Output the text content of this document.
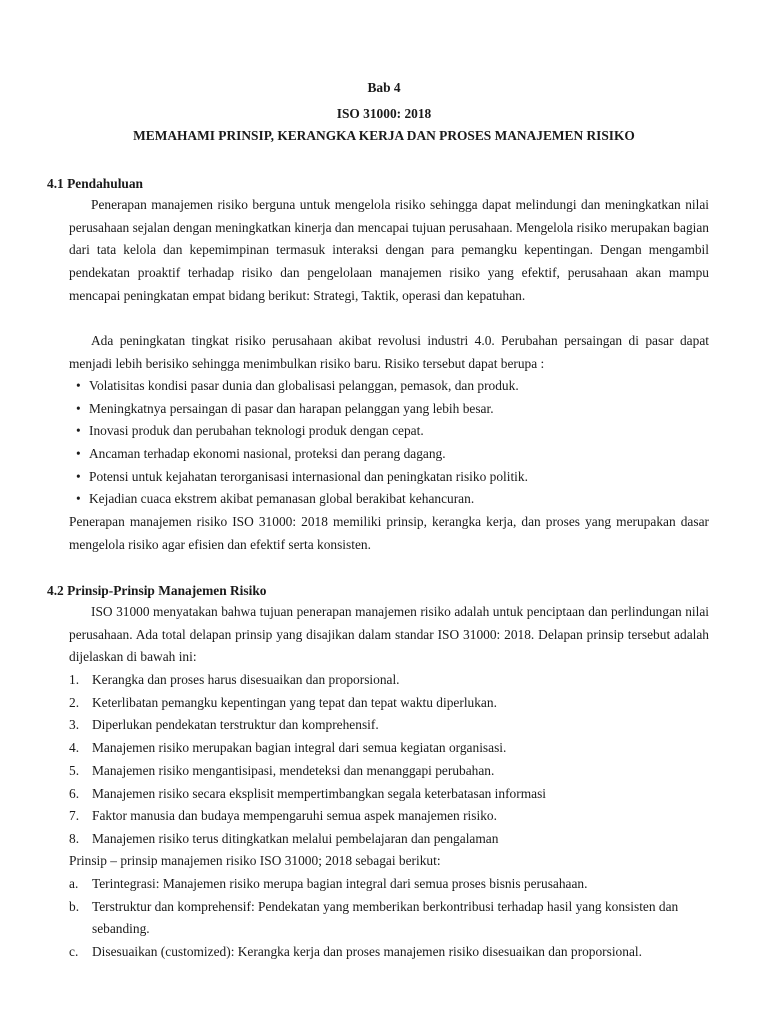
Bab 4
ISO 31000: 2018
MEMAHAMI PRINSIP, KERANGKA KERJA DAN PROSES MANAJEMEN RISIKO
4.1 Pendahuluan

Penerapan manajemen risiko berguna untuk mengelola risiko sehingga dapat melindungi dan meningkatkan nilai perusahaan sejalan dengan meningkatkan kinerja dan mencapai tujuan perusahaan. Mengelola risiko merupakan bagian dari tata kelola dan kepemimpinan termasuk interaksi dengan para pemangku kepentingan. Dengan mengambil pendekatan proaktif terhadap risiko dan pengelolaan manajemen risiko yang efektif, perusahaan akan mampu mencapai peningkatan empat bidang berikut: Strategi, Taktik, operasi dan kepatuhan.

Ada peningkatan tingkat risiko perusahaan akibat revolusi industri 4.0. Perubahan persaingan di pasar dapat menjadi lebih berisiko sehingga menimbulkan risiko baru. Risiko tersebut dapat berupa :

• Volatisitas kondisi pasar dunia dan globalisasi pelanggan, pemasok, dan produk.
• Meningkatnya persaingan di pasar dan harapan pelanggan yang lebih besar.
• Inovasi produk dan perubahan teknologi produk dengan cepat.
• Ancaman terhadap ekonomi nasional, proteksi dan perang dagang.
• Potensi untuk kejahatan terorganisasi internasional dan peningkatan risiko politik.
• Kejadian cuaca ekstrem akibat pemanasan global berakibat kehancuran.

Penerapan manajemen risiko ISO 31000: 2018 memiliki prinsip, kerangka kerja, dan proses yang merupakan dasar mengelola risiko agar efisien dan efektif serta konsisten.

4.2 Prinsip-Prinsip Manajemen Risiko

ISO 31000 menyatakan bahwa tujuan penerapan manajemen risiko adalah untuk penciptaan dan perlindungan nilai perusahaan. Ada total delapan prinsip yang disajikan dalam standar ISO 31000: 2018. Delapan prinsip tersebut adalah dijelaskan di bawah ini:

1. Kerangka dan proses harus disesuaikan dan proporsional.
2. Keterlibatan pemangku kepentingan yang tepat dan tepat waktu diperlukan.
3. Diperlukan pendekatan terstruktur dan komprehensif.
4. Manajemen risiko merupakan bagian integral dari semua kegiatan organisasi.
5. Manajemen risiko mengantisipasi, mendeteksi dan menanggapi perubahan.
6. Manajemen risiko secara eksplisit mempertimbangkan segala keterbatasan informasi
7. Faktor manusia dan budaya mempengaruhi semua aspek manajemen risiko.
8. Manajemen risiko terus ditingkatkan melalui pembelajaran dan pengalaman

Prinsip – prinsip manajemen risiko ISO 31000; 2018 sebagai berikut:

a.	Terintegrasi: Manajemen risiko merupa bagian integral dari semua proses bisnis perusahaan.
b. Terstruktur dan komprehensif: Pendekatan yang memberikan berkontribusi terhadap hasil yang konsisten dan sebanding.
c.	Disesuaikan (customized): Kerangka kerja dan proses manajemen risiko disesuaikan dan proporsional.
